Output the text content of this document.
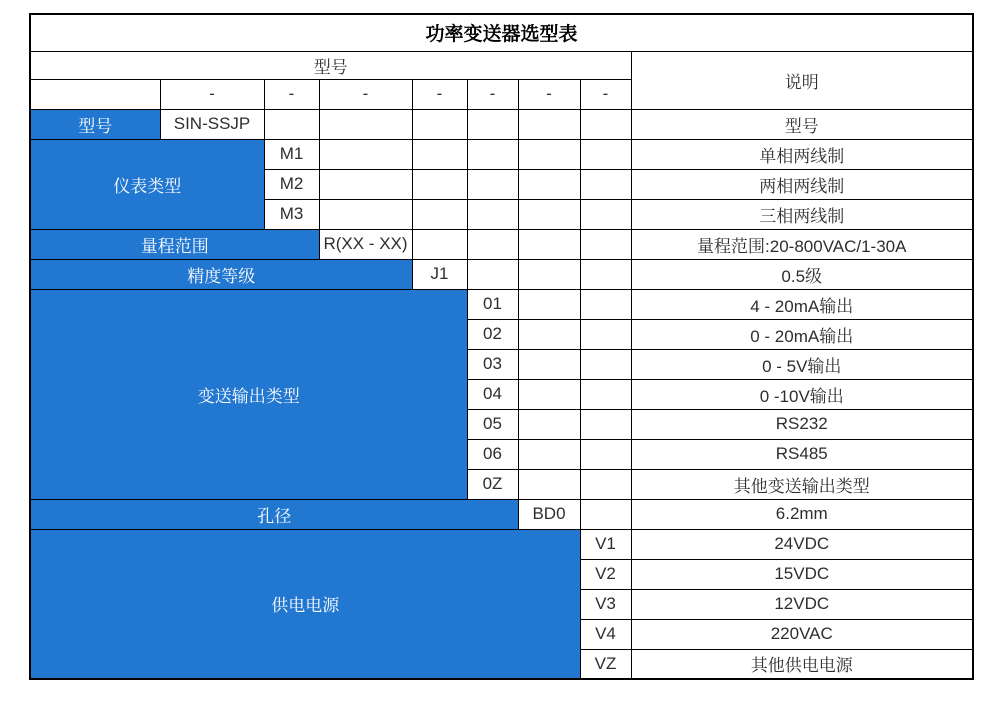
功率变送器选型表								
型号								说明
	-	-	-	-	-	-	-	
型号	SIN-SSJP							型号
仪表类型		M1						单相两线制
		M2						两相两线制
		M3						三相两线制
量程范围			R(XX - XX)					量程范围:20-800VAC/1-30A
精度等级				J1				0.5级
变送输出类型					01			4 - 20mA输出
					02			0 - 20mA输出
					03			0 - 5V输出
					04			0 -10V输出
					05			RS232
					06			RS485
					0Z			其他变送输出类型
孔径						BD0		6.2mm
供电电源							V1	24VDC
							V2	15VDC
							V3	12VDC
							V4	220VAC
							VZ	其他供电电源
